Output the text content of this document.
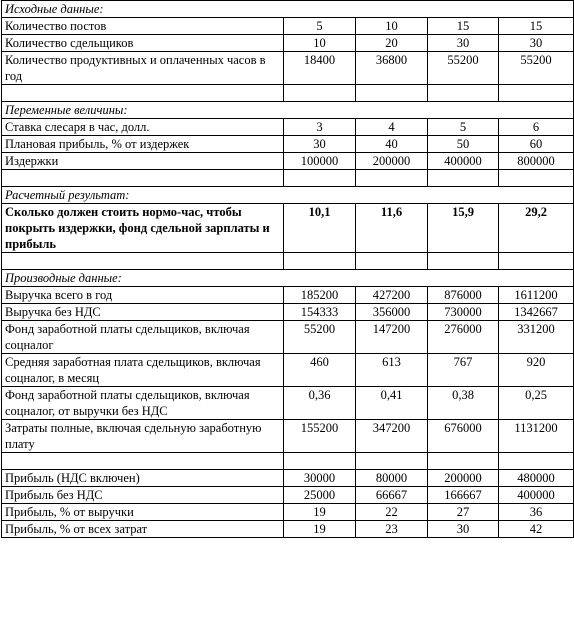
Исходные данные:				
Количество постов	5	10	15	15
Количество сдельщиков	10	20	30	30
Количество продуктивных и оплаченных часов в год	18400	36800	55200	55200

Переменные величины:				
Ставка слесаря в час, долл.	3	4	5	6
Плановая прибыль, % от издержек	30	40	50	60
Издержки	100000	200000	400000	800000

Расчетный результат:				
Сколько должен стоить нормо-час, чтобы покрыть издержки, фонд сдельной зарплаты и прибыль	10,1	11,6	15,9	29,2

Производные данные:				
Выручка всего в год	185200	427200	876000	1611200
Выручка без НДС	154333	356000	730000	1342667
Фонд заработной платы сдельщиков, включая соцналог	55200	147200	276000	331200
Средняя заработная плата сдельщиков, включая соцналог, в месяц	460	613	767	920
Фонд заработной платы сдельщиков, включая соцналог, от выручки без НДС	0,36	0,41	0,38	0,25
Затраты полные, включая сдельную заработную плату	155200	347200	676000	1131200

Прибыль (НДС включен)	30000	80000	200000	480000
Прибыль без НДС	25000	66667	166667	400000
Прибыль, % от выручки	19	22	27	36
Прибыль, % от всех затрат	19	23	30	42
